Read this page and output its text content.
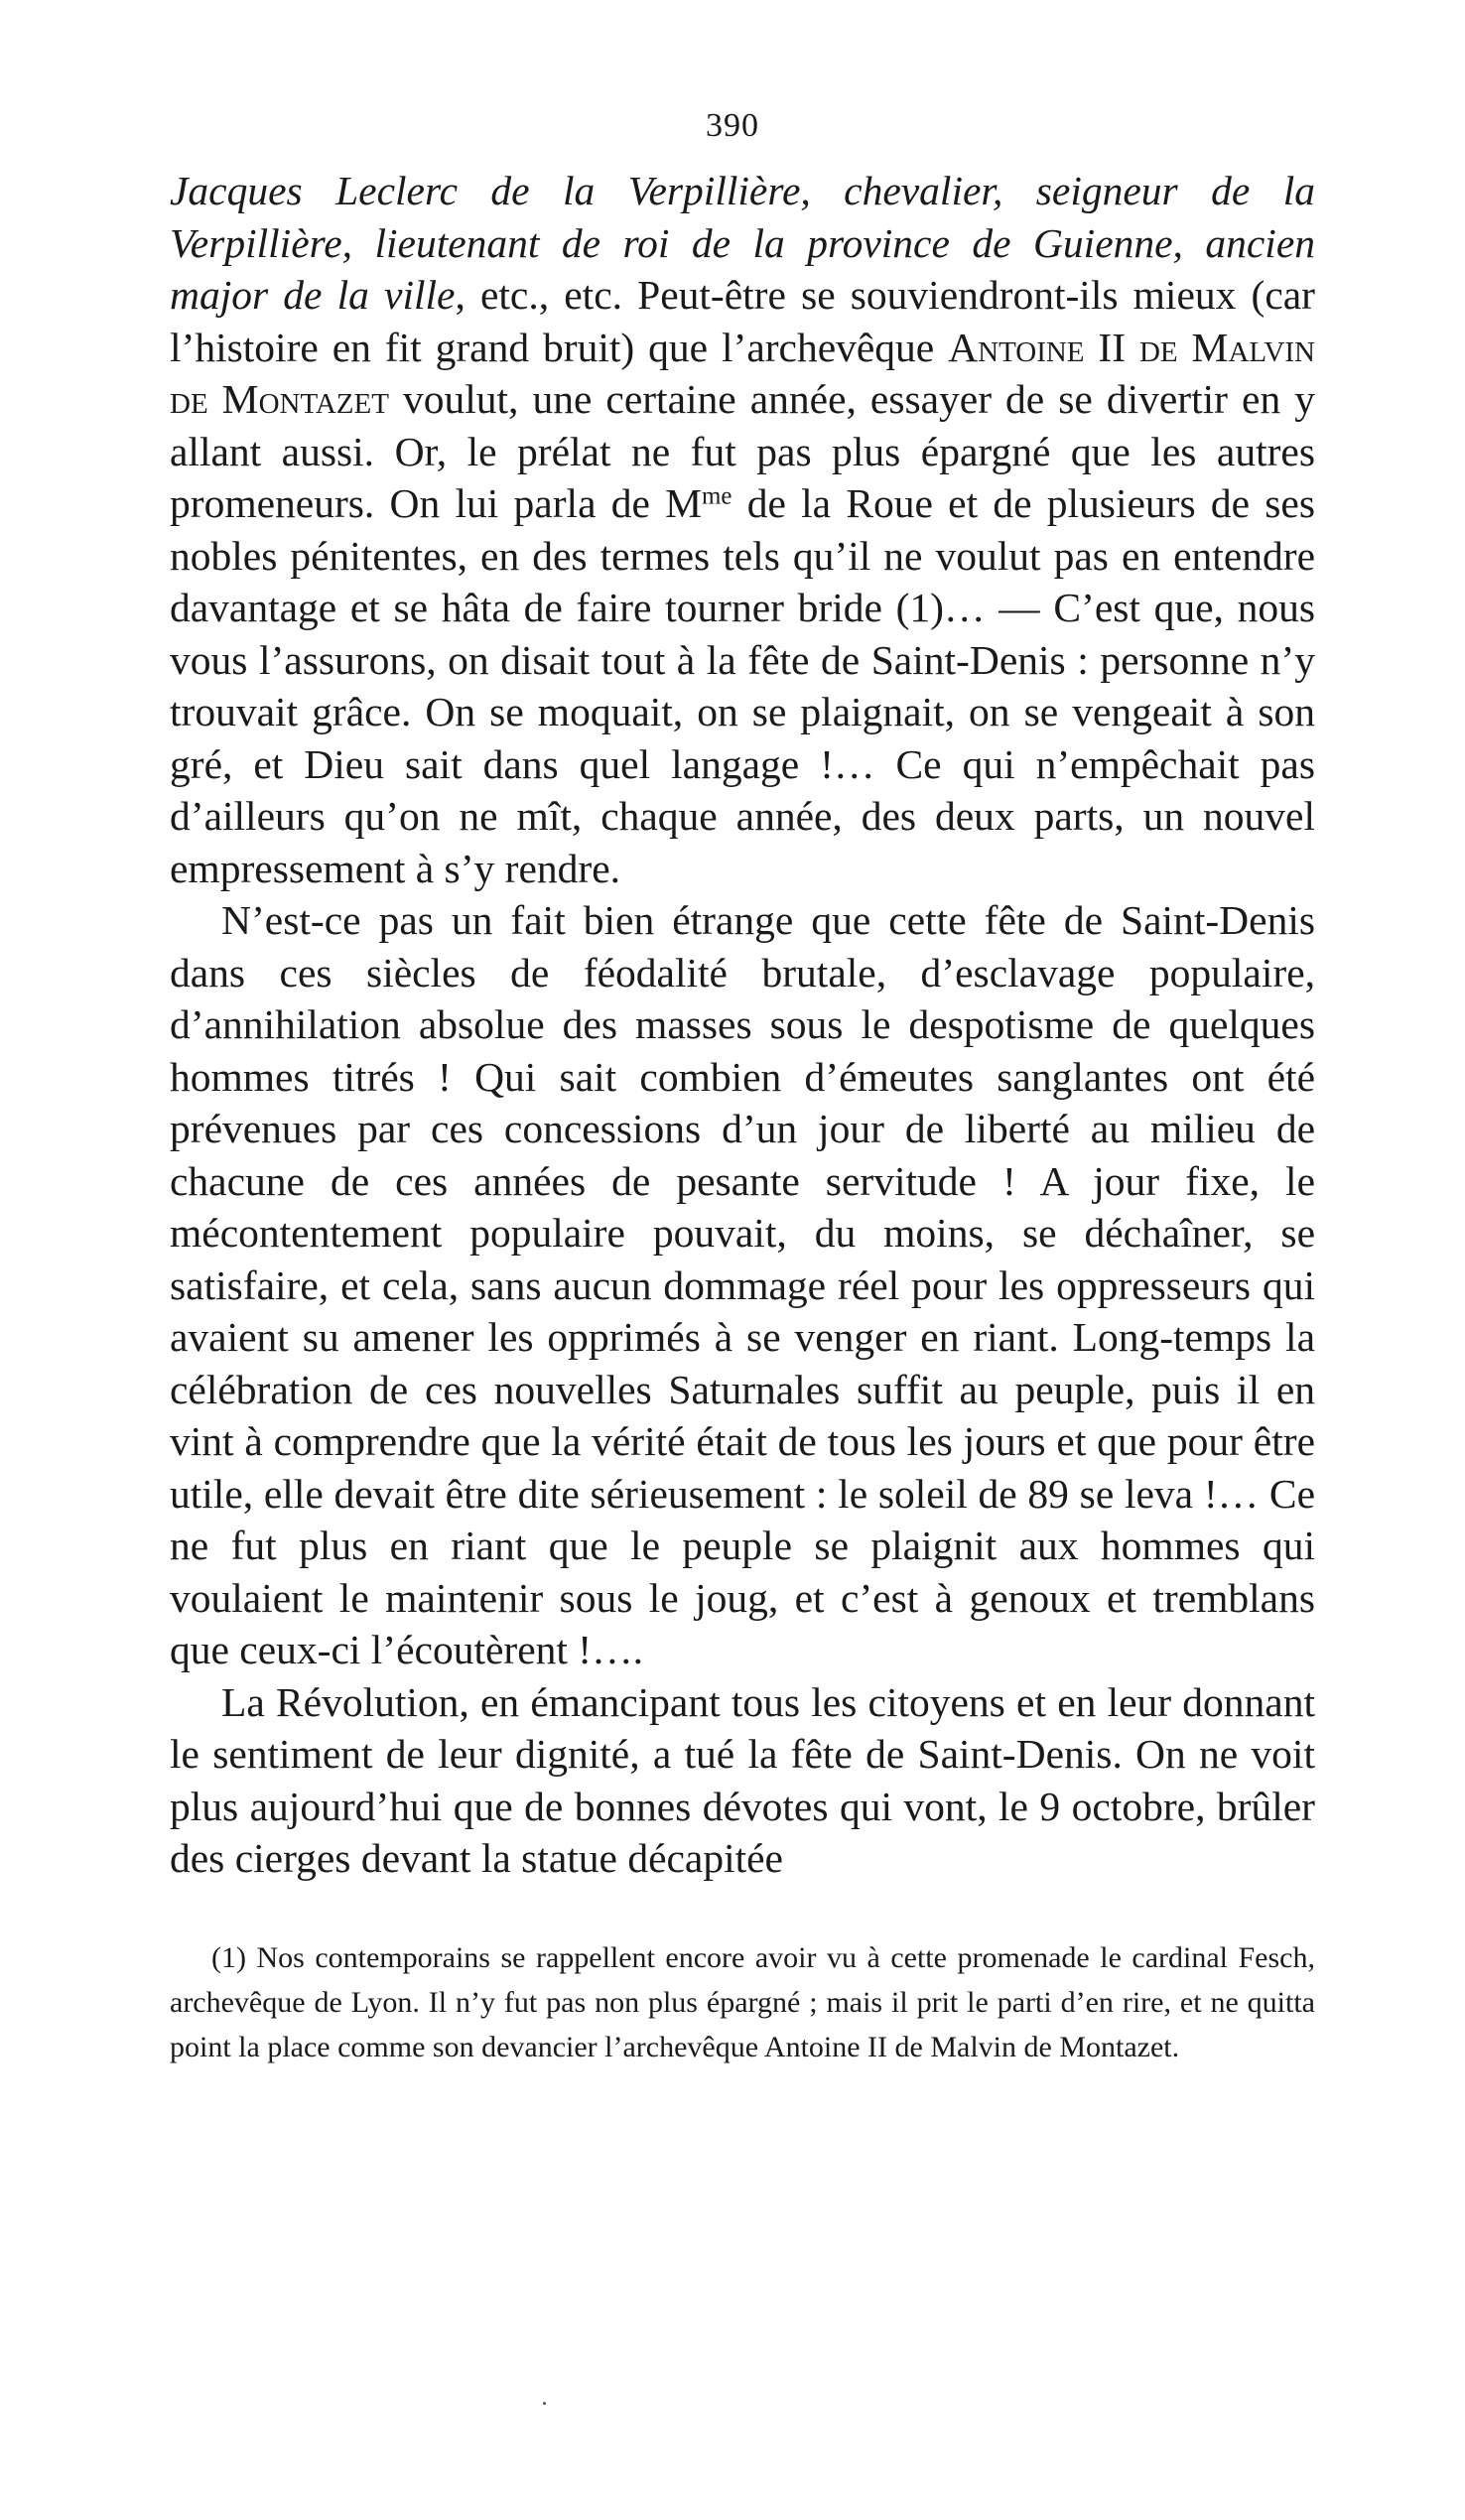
390

Jacques Leclerc de la Verpillière, chevalier, seigneur de la Verpillière, lieutenant de roi de la province de Guienne, ancien major de la ville, etc., etc. Peut-être se souviendront-ils mieux (car l’histoire en fit grand bruit) que l’archevêque Antoine II de Malvin de Montazet voulut, une certaine année, essayer de se divertir en y allant aussi. Or, le prélat ne fut pas plus épargné que les autres promeneurs. On lui parla de $M^{me}$ de la Roue et de plusieurs de ses nobles pénitentes, en des termes tels qu’il ne voulut pas en entendre davantage et se hâta de faire tourner bride (1)… — C’est que, nous vous l’assurons, on disait tout à la fête de Saint-Denis : personne n’y trouvait grâce. On se moquait, on se plaignait, on se vengeait à son gré, et Dieu sait dans quel langage !… Ce qui n’empêchait pas d’ailleurs qu’on ne mît, chaque année, des deux parts, un nouvel empressement à s’y rendre.

N’est-ce pas un fait bien étrange que cette fête de Saint-Denis dans ces siècles de féodalité brutale, d’esclavage populaire, d’annihilation absolue des masses sous le despotisme de quelques hommes titrés ! Qui sait combien d’émeutes sanglantes ont été prévenues par ces concessions d’un jour de liberté au milieu de chacune de ces années de pesante servitude ! A jour fixe, le mécontentement populaire pouvait, du moins, se déchaîner, se satisfaire, et cela, sans aucun dommage réel pour les oppresseurs qui avaient su amener les opprimés à se venger en riant. Long-temps la célébration de ces nouvelles Saturnales suffit au peuple, puis il en vint à comprendre que la vérité était de tous les jours et que pour être utile, elle devait être dite sérieusement : le soleil de 89 se leva !… Ce ne fut plus en riant que le peuple se plaignit aux hommes qui voulaient le maintenir sous le joug, et c’est à genoux et tremblans que ceux-ci l’écoutèrent !….

La Révolution, en émancipant tous les citoyens et en leur donnant le sentiment de leur dignité, a tué la fête de Saint-Denis. On ne voit plus aujourd’hui que de bonnes dévotes qui vont, le 9 octobre, brûler des cierges devant la statue décapitée

(1) Nos contemporains se rappellent encore avoir vu à cette promenade le cardinal Fesch, archevêque de Lyon. Il n’y fut pas non plus épargné ; mais il prit le parti d’en rire, et ne quitta point la place comme son devancier l’archevêque Antoine II de Malvin de Montazet.
